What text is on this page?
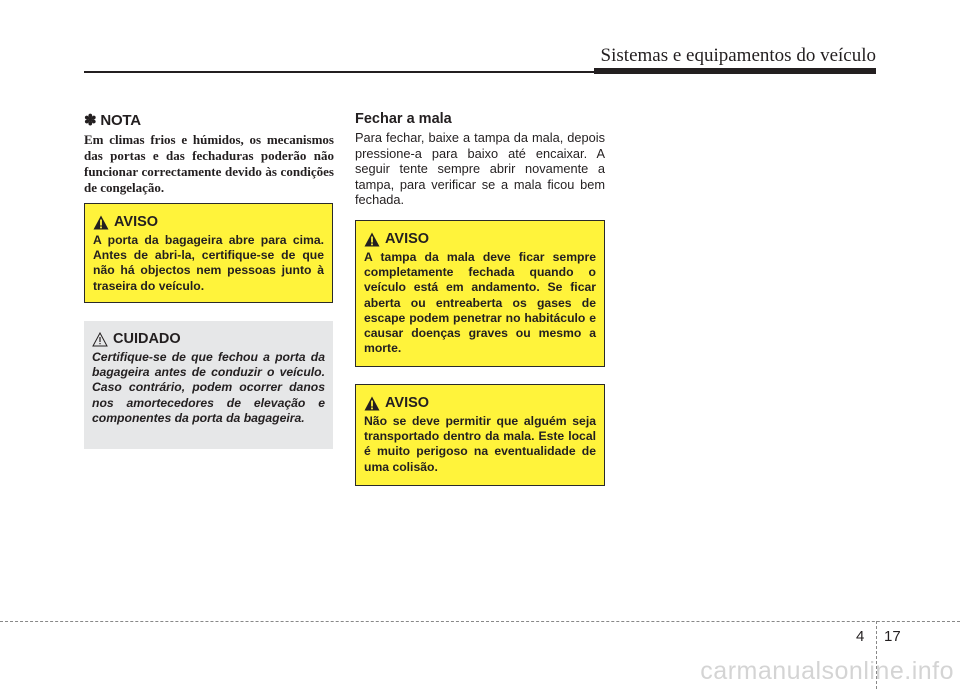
Sistemas e equipamentos do veículo

✽ NOTA

Em climas frios e húmidos, os mecanismos das portas e das fechaduras poderão não funcionar correctamente devido às condições de congelação.

AVISO

A porta da bagageira abre para cima. Antes de abri-la, certifique-se de que não há objectos nem pessoas junto à traseira do veículo.

CUIDADO

Certifique-se de que fechou a porta da bagageira antes de conduzir o veículo. Caso contrário, podem ocorrer danos nos amortecedores de elevação e componentes da porta da bagageira.

Fechar a mala

Para fechar, baixe a tampa da mala, depois pressione-a para baixo até encaixar. A seguir tente sempre abrir novamente a tampa, para verificar se a mala ficou bem fechada.

AVISO

A tampa da mala deve ficar sempre completamente fechada quando o veículo está em andamento. Se ficar aberta ou entreaberta os gases de escape podem penetrar no habitáculo e causar doenças graves ou mesmo a morte.

AVISO

Não se deve permitir que alguém seja transportado dentro da mala. Este local é muito perigoso na eventualidade de uma colisão.

4 17
carmanualsonline.info
